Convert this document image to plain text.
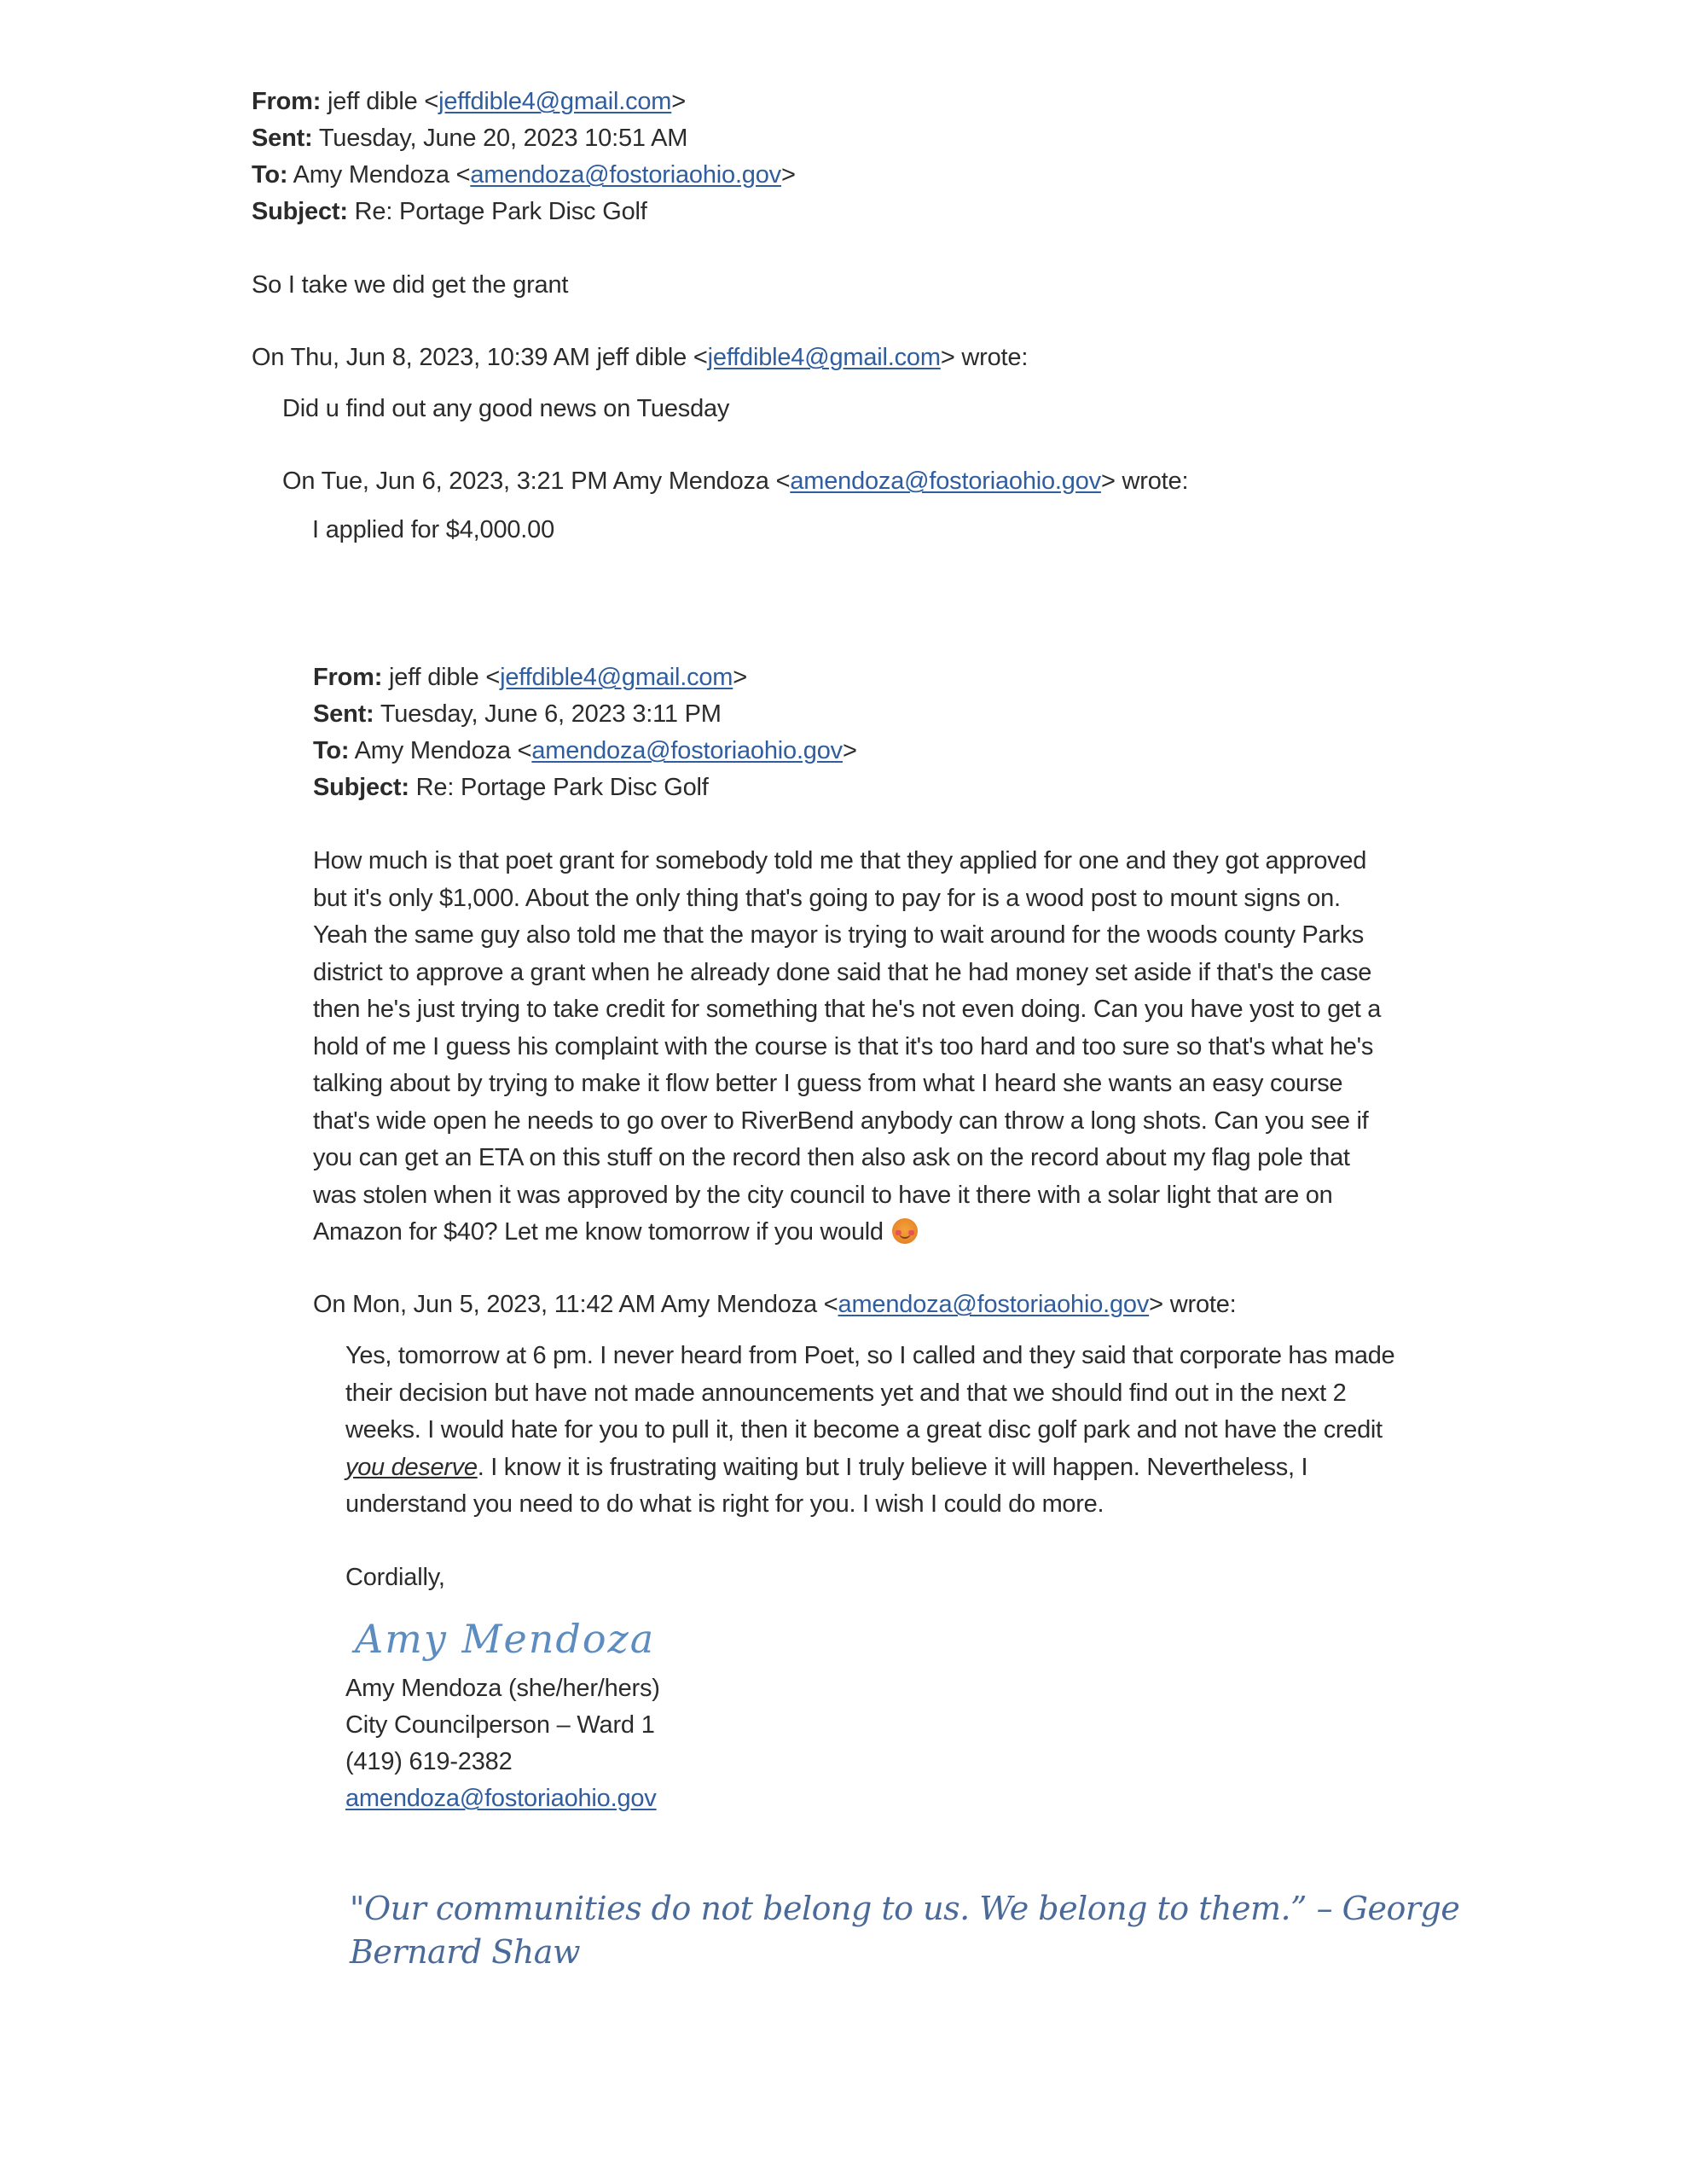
From: jeff dible <jeffdible4@gmail.com>
Sent: Tuesday, June 20, 2023 10:51 AM
To: Amy Mendoza <amendoza@fostoriaohio.gov>
Subject: Re: Portage Park Disc Golf
So I take we did get the grant
On Thu, Jun 8, 2023, 10:39 AM jeff dible <jeffdible4@gmail.com> wrote:
Did u find out any good news on Tuesday
On Tue, Jun 6, 2023, 3:21 PM Amy Mendoza <amendoza@fostoriaohio.gov> wrote:
I applied for $4,000.00
From: jeff dible <jeffdible4@gmail.com>
Sent: Tuesday, June 6, 2023 3:11 PM
To: Amy Mendoza <amendoza@fostoriaohio.gov>
Subject: Re: Portage Park Disc Golf
How much is that poet grant for somebody told me that they applied for one and they got approved
but it's only $1,000. About the only thing that's going to pay for is a wood post to mount signs on.
Yeah the same guy also told me that the mayor is trying to wait around for the woods county Parks
district to approve a grant when he already done said that he had money set aside if that's the case
then he's just trying to take credit for something that he's not even doing. Can you have yost to get a
hold of me I guess his complaint with the course is that it's too hard and too sure so that's what he's
talking about by trying to make it flow better I guess from what I heard she wants an easy course
that's wide open he needs to go over to RiverBend anybody can throw a long shots. Can you see if
you can get an ETA on this stuff on the record then also ask on the record about my flag pole that
was stolen when it was approved by the city council to have it there with a solar light that are on
Amazon for $40? Let me know tomorrow if you would
On Mon, Jun 5, 2023, 11:42 AM Amy Mendoza <amendoza@fostoriaohio.gov> wrote:
Yes, tomorrow at 6 pm. I never heard from Poet, so I called and they said that corporate has made
their decision but have not made announcements yet and that we should find out in the next 2
weeks. I would hate for you to pull it, then it become a great disc golf park and not have the credit
you deserve. I know it is frustrating waiting but I truly believe it will happen. Nevertheless, I
understand you need to do what is right for you. I wish I could do more.
Cordially,
Amy Mendoza
Amy Mendoza (she/her/hers)
City Councilperson – Ward 1
(419) 619-2382
amendoza@fostoriaohio.gov
"Our communities do not belong to us. We belong to them.” – George
Bernard Shaw
